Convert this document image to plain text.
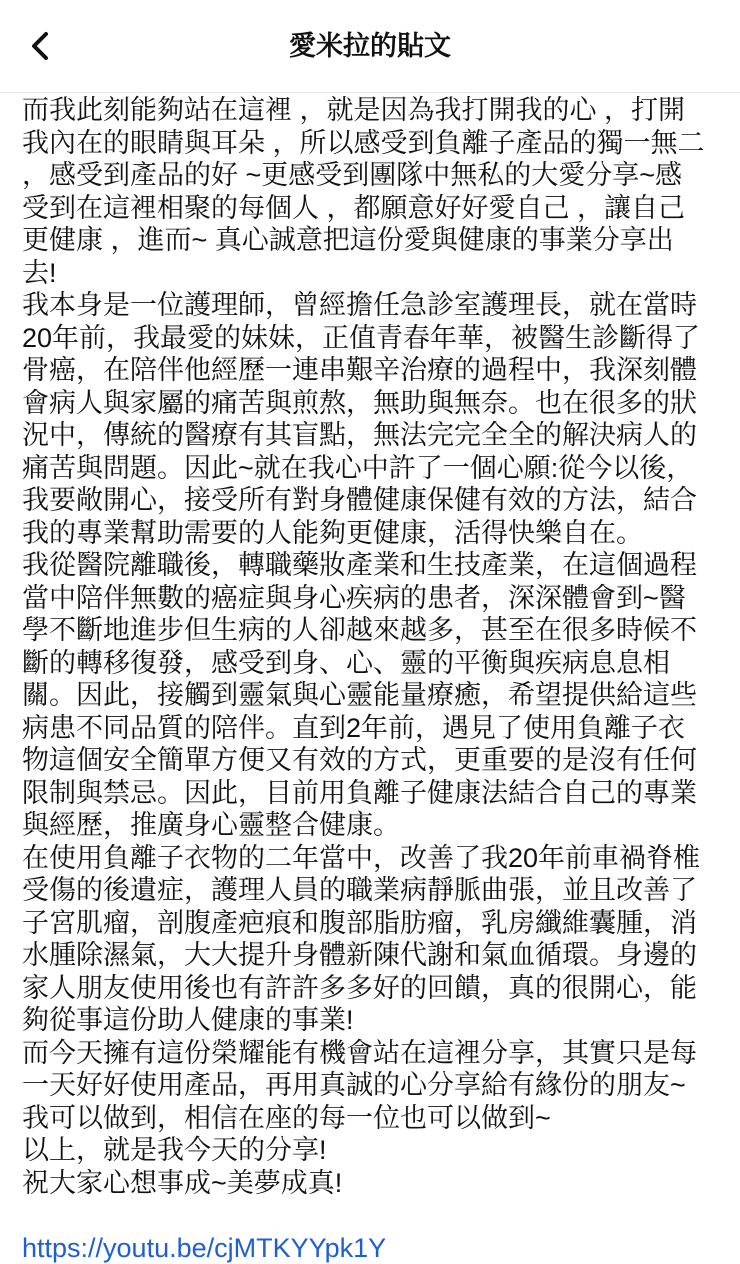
愛米拉的貼文
而我此刻能夠站在這裡 ，就是因為我打開我的心 ，打開
我內在的眼睛與耳朵 ，所以感受到負離子產品的獨一無二
，感受到產品的好 ~更感受到團隊中無私的大愛分享~感
受到在這裡相聚的每個人 ，都願意好好愛自己 ，讓自己
更健康 ，進而~ 真心誠意把這份愛與健康的事業分享出
去!
我本身是一位護理師，曾經擔任急診室護理長，就在當時
20年前，我最愛的妹妹，正值青春年華，被醫生診斷得了
骨癌，在陪伴他經歷一連串艱辛治療的過程中，我深刻體
會病人與家屬的痛苦與煎熬，無助與無奈。也在很多的狀
況中，傳統的醫療有其盲點，無法完完全全的解決病人的
痛苦與問題。因此~就在我心中許了一個心願:從今以後，
我要敞開心，接受所有對身體健康保健有效的方法，結合
我的專業幫助需要的人能夠更健康，活得快樂自在。
我從醫院離職後，轉職藥妝產業和生技產業，在這個過程
當中陪伴無數的癌症與身心疾病的患者，深深體會到~醫
學不斷地進步但生病的人卻越來越多，甚至在很多時候不
斷的轉移復發，感受到身、心、靈的平衡與疾病息息相
關。因此，接觸到靈氣與心靈能量療癒，希望提供給這些
病患不同品質的陪伴。直到2年前，遇見了使用負離子衣
物這個安全簡單方便又有效的方式，更重要的是沒有任何
限制與禁忌。因此，目前用負離子健康法結合自己的專業
與經歷，推廣身心靈整合健康。
在使用負離子衣物的二年當中，改善了我20年前車禍脊椎
受傷的後遺症，護理人員的職業病靜脈曲張，並且改善了
子宮肌瘤，剖腹產疤痕和腹部脂肪瘤，乳房纖維囊腫，消
水腫除濕氣，大大提升身體新陳代謝和氣血循環。身邊的
家人朋友使用後也有許許多多好的回饋，真的很開心，能
夠從事這份助人健康的事業!
而今天擁有這份榮耀能有機會站在這裡分享，其實只是每
一天好好使用產品，再用真誠的心分享給有緣份的朋友~
我可以做到，相信在座的每一位也可以做到~
以上，就是我今天的分享!
祝大家心想事成~美夢成真!
https://youtu.be/cjMTKYYpk1Y
